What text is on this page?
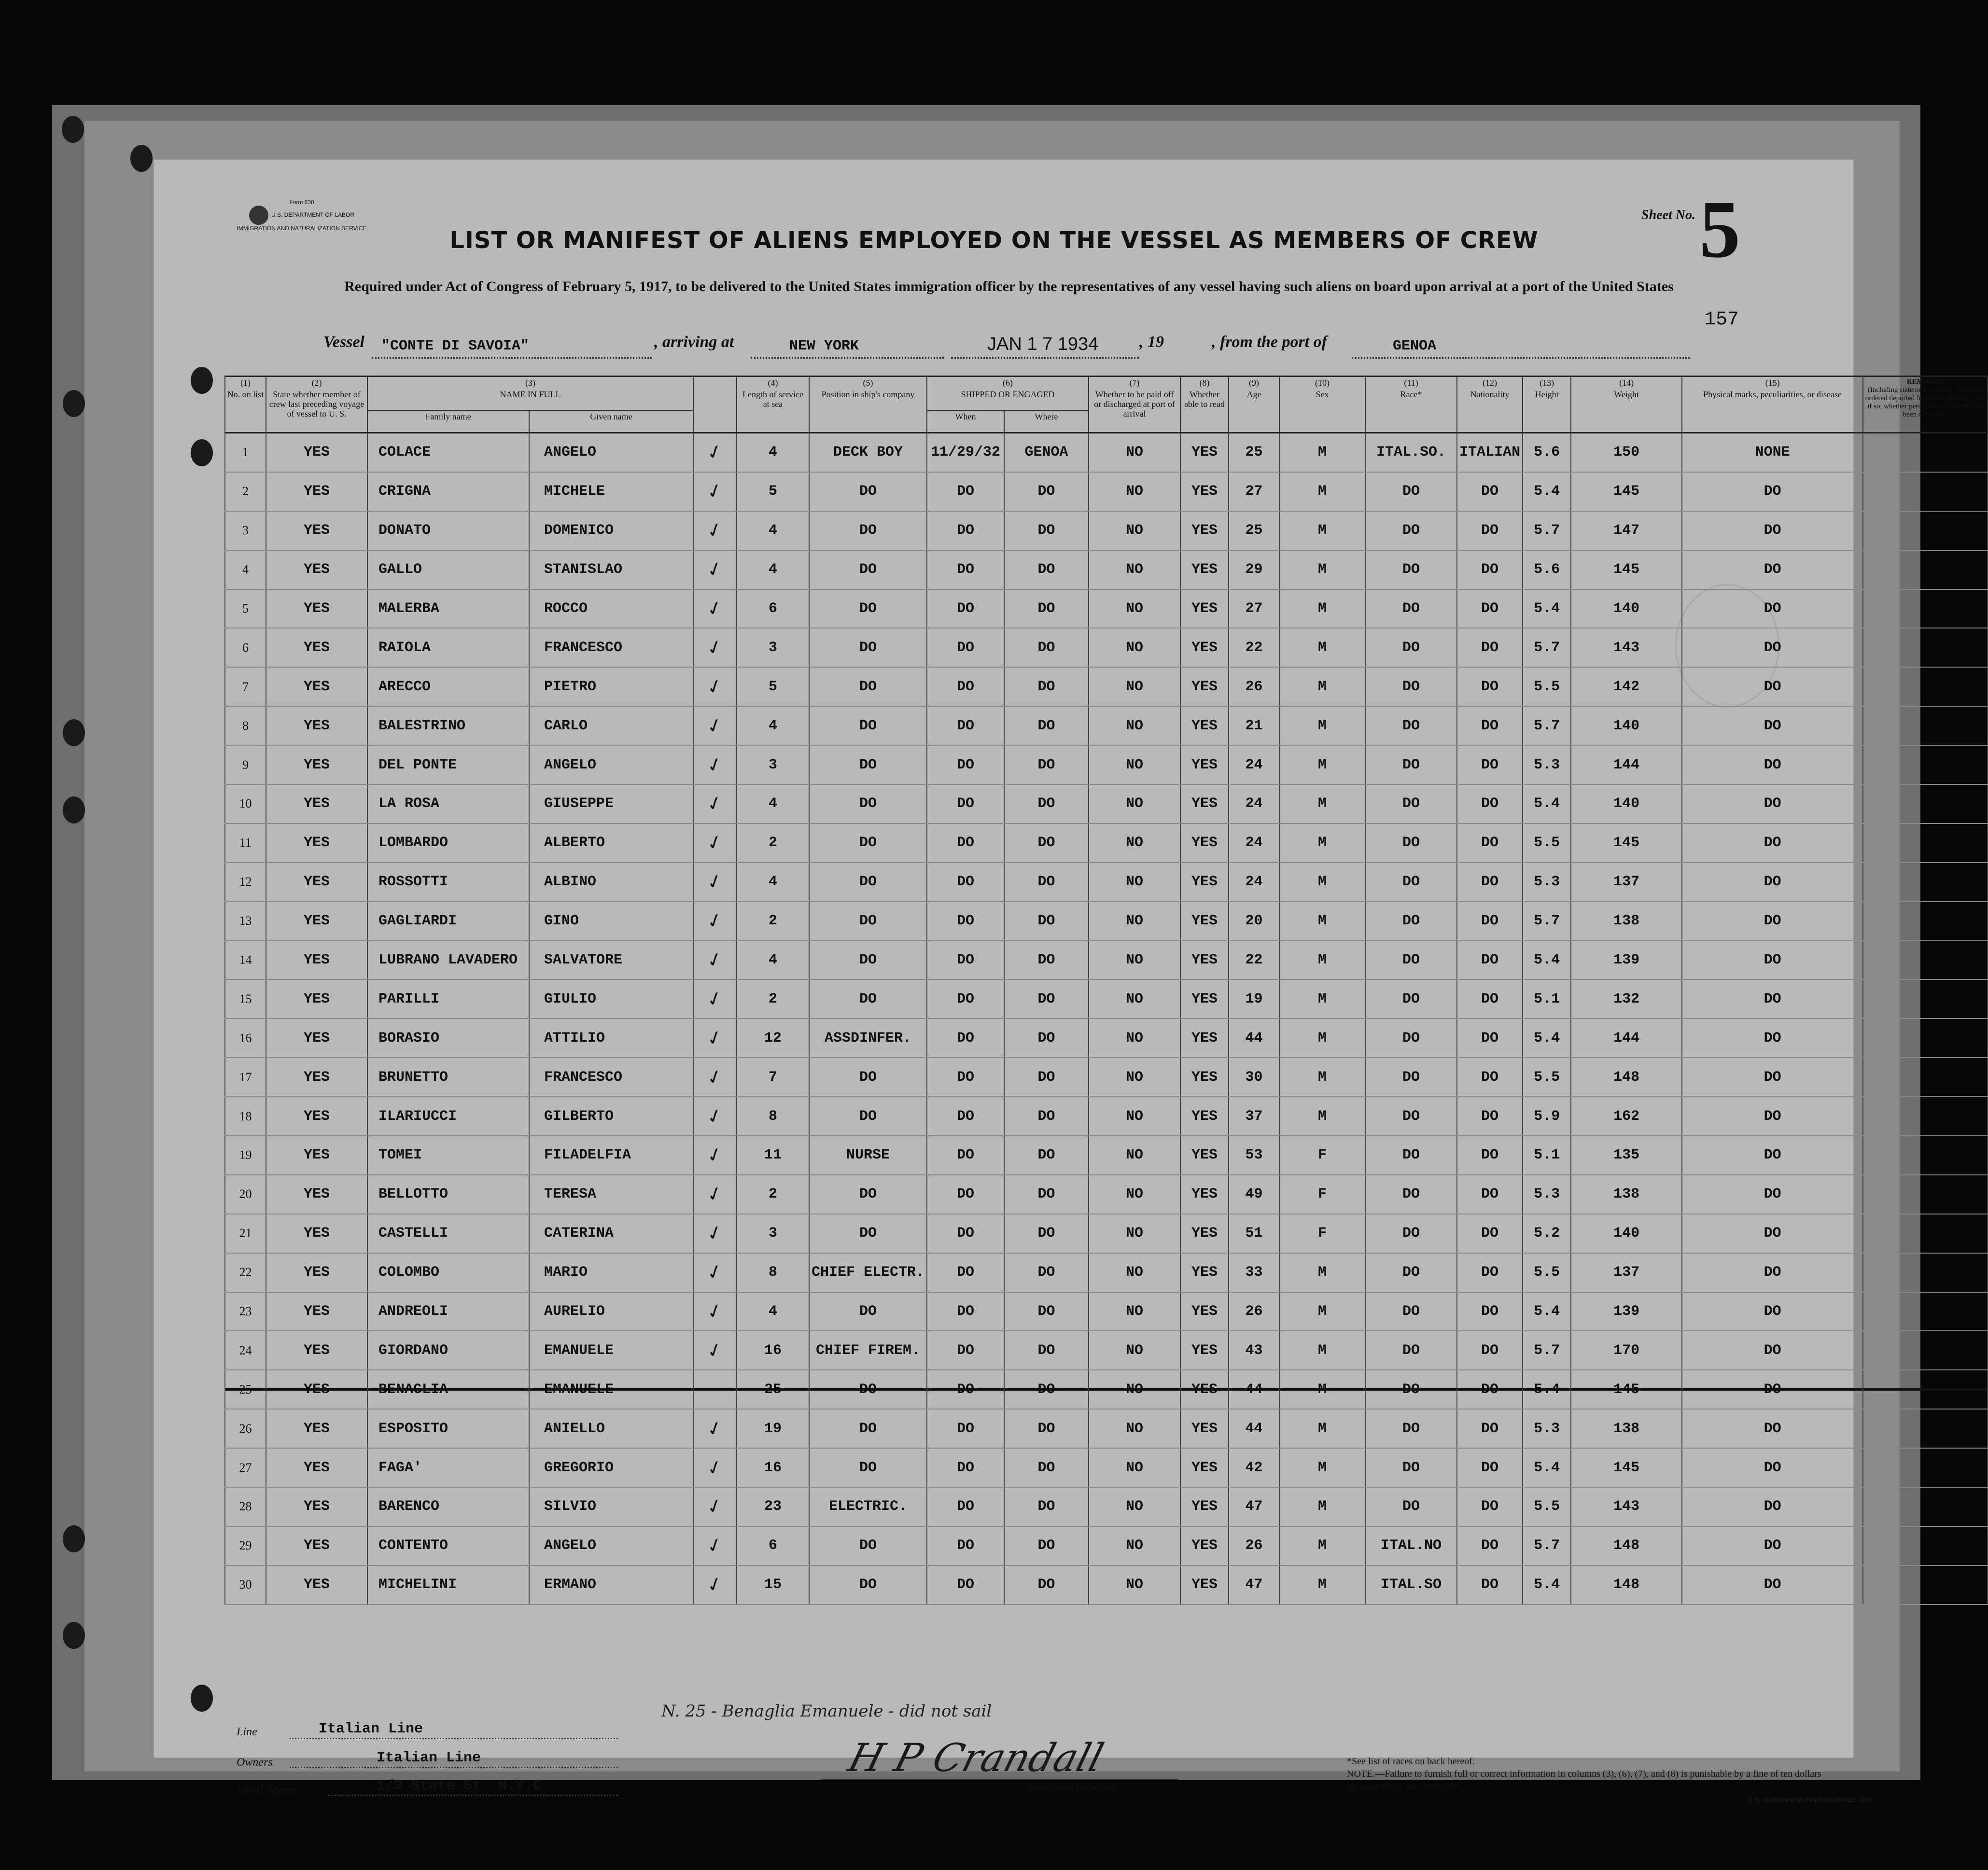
Form 630
U.S. DEPARTMENT OF LABOR
IMMIGRATION AND NATURALIZATION SERVICE	LIST OR MANIFEST OF ALIENS EMPLOYED ON THE VESSEL AS MEMBERS OF CREW
Required under Act of Congress of February 5, 1917, to be delivered to the United States immigration officer by the representatives of any vessel having such aliens on board upon arrival at a port of the United States
Sheet No. 5
157
Vessel "CONTE DI SAVOIA"	, arriving at	NEW YORK	JAN 1 7 1934 , 19	, from the port of	GENOA
(1)	(2)	(3)			(4)	(5)	(6)		(7)	(8)	(9)	(10)	(11)	(12)	(13)	(14)	(15)	REMARKS
(Including statement whether alien ever ordered deported from United States, and if so, whether permission to reapply has been obtained.)

No. on list	State whether member of crew last preceding voyage of vessel to U. S.	NAME IN FULL			Length of service at sea	Position in ship's company	SHIPPED OR ENGAGED		Whether to be paid off or discharged at port of arrival	Whether able to read	Age	Sex	Race*	Nationality	Height	Weight	Physical marks, peculiarities, or disease	
		Family name	Given name				When	Where										
1	YES	COLACE	ANGELO	✓	4	DECK BOY	11/29/32	GENOA	NO	YES	25	M	ITAL.SO.	ITALIAN	5.6	150	NONE	
2	YES	CRIGNA	MICHELE	✓	5	DO	DO	DO	NO	YES	27	M	DO	DO	5.4	145	DO	
3	YES	DONATO	DOMENICO	✓	4	DO	DO	DO	NO	YES	25	M	DO	DO	5.7	147	DO	
4	YES	GALLO	STANISLAO	✓	4	DO	DO	DO	NO	YES	29	M	DO	DO	5.6	145	DO	
5	YES	MALERBA	ROCCO	✓	6	DO	DO	DO	NO	YES	27	M	DO	DO	5.4	140	DO	
6	YES	RAIOLA	FRANCESCO	✓	3	DO	DO	DO	NO	YES	22	M	DO	DO	5.7	143	DO	
7	YES	ARECCO	PIETRO	✓	5	DO	DO	DO	NO	YES	26	M	DO	DO	5.5	142	DO	
8	YES	BALESTRINO	CARLO	✓	4	DO	DO	DO	NO	YES	21	M	DO	DO	5.7	140	DO	
9	YES	DEL PONTE	ANGELO	✓	3	DO	DO	DO	NO	YES	24	M	DO	DO	5.3	144	DO	
10	YES	LA ROSA	GIUSEPPE	✓	4	DO	DO	DO	NO	YES	24	M	DO	DO	5.4	140	DO	
11	YES	LOMBARDO	ALBERTO	✓	2	DO	DO	DO	NO	YES	24	M	DO	DO	5.5	145	DO	
12	YES	ROSSOTTI	ALBINO	✓	4	DO	DO	DO	NO	YES	24	M	DO	DO	5.3	137	DO	
13	YES	GAGLIARDI	GINO	✓	2	DO	DO	DO	NO	YES	20	M	DO	DO	5.7	138	DO	
14	YES	LUBRANO LAVADERO	SALVATORE	✓	4	DO	DO	DO	NO	YES	22	M	DO	DO	5.4	139	DO	
15	YES	PARILLI	GIULIO	✓	2	DO	DO	DO	NO	YES	19	M	DO	DO	5.1	132	DO	
16	YES	BORASIO	ATTILIO	✓	12	ASSDINFER.	DO	DO	NO	YES	44	M	DO	DO	5.4	144	DO	
17	YES	BRUNETTO	FRANCESCO	✓	7	DO	DO	DO	NO	YES	30	M	DO	DO	5.5	148	DO	
18	YES	ILARIUCCI	GILBERTO	✓	8	DO	DO	DO	NO	YES	37	M	DO	DO	5.9	162	DO	
19	YES	TOMEI	FILADELFIA	✓	11	NURSE	DO	DO	NO	YES	53	F	DO	DO	5.1	135	DO	
20	YES	BELLOTTO	TERESA	✓	2	DO	DO	DO	NO	YES	49	F	DO	DO	5.3	138	DO	
21	YES	CASTELLI	CATERINA	✓	3	DO	DO	DO	NO	YES	51	F	DO	DO	5.2	140	DO	
22	YES	COLOMBO	MARIO	✓	8	CHIEF ELECTR.	DO	DO	NO	YES	33	M	DO	DO	5.5	137	DO	
23	YES	ANDREOLI	AURELIO	✓	4	DO	DO	DO	NO	YES	26	M	DO	DO	5.4	139	DO	
24	YES	GIORDANO	EMANUELE	✓	16	CHIEF FIREM.	DO	DO	NO	YES	43	M	DO	DO	5.7	170	DO	
25	YES	BENAGLIA	EMANUELE		25	DO	DO	DO	NO	YES	44	M	DO	DO	5.4	145	DO	
26	YES	ESPOSITO	ANIELLO	✓	19	DO	DO	DO	NO	YES	44	M	DO	DO	5.3	138	DO	
27	YES	FAGA'	GREGORIO	✓	16	DO	DO	DO	NO	YES	42	M	DO	DO	5.4	145	DO	
28	YES	BARENCO	SILVIO	✓	23	ELECTRIC.	DO	DO	NO	YES	47	M	DO	DO	5.5	143	DO	
29	YES	CONTENTO	ANGELO	✓	6	DO	DO	DO	NO	YES	26	M	ITAL.NO	DO	5.7	148	DO	
30	YES	MICHELINI	ERMANO	✓	15	DO	DO	DO	NO	YES	47	M	ITAL.SO	DO	5.4	148	DO	
Line	Italian Line
Owners	Italian Line
Local Agents	1/3 State St. N.Y.C.
N. 25 - Benaglia Emanuele - did not sail
H P Crandall
Immigrant Inspector.
*See list of races on back hereof.
NOTE.—Failure to furnish full or correct information in columns (3), (6), (7), and (8) is punishable by a fine of ten dollars for each alien. See other side.
U. S. GOVERNMENT PRINTING OFFICE: 1933
